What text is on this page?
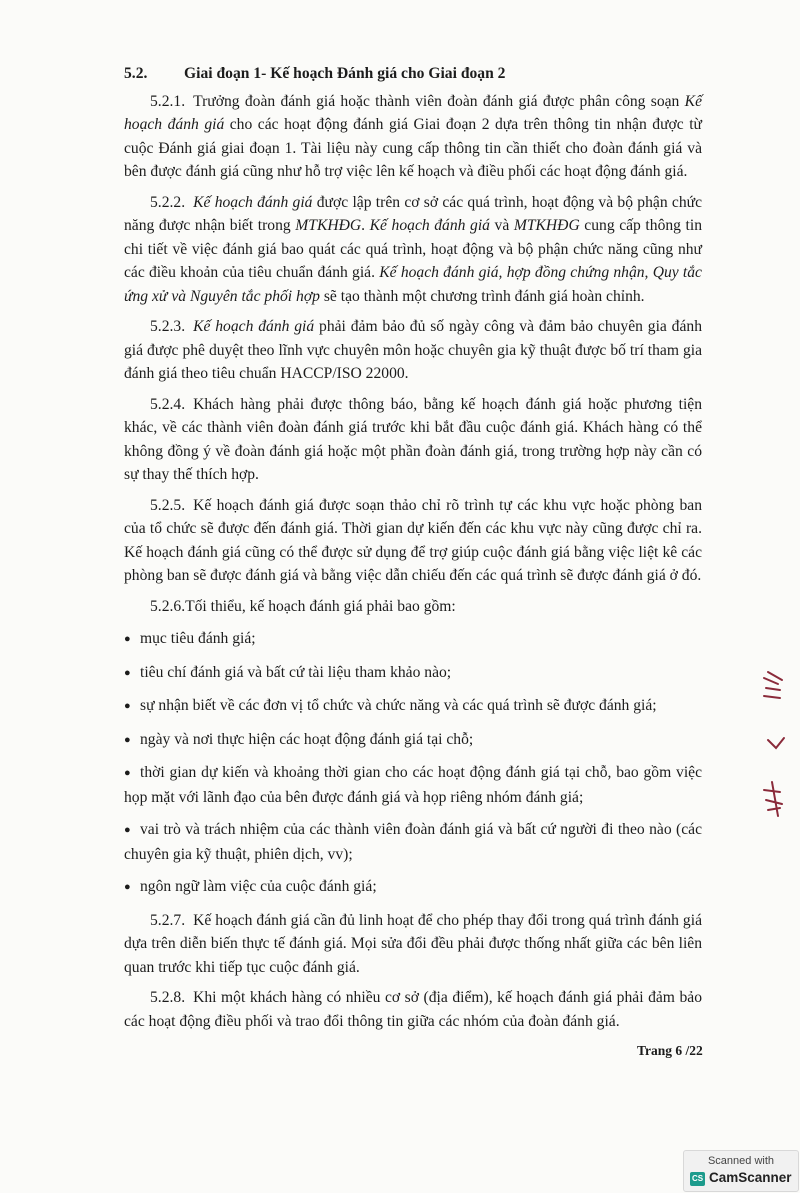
5.2.	Giai đoạn 1- Kế hoạch Đánh giá cho Giai đoạn 2

5.2.1. Trưởng đoàn đánh giá hoặc thành viên đoàn đánh giá được phân công soạn Kế hoạch đánh giá cho các hoạt động đánh giá Giai đoạn 2 dựa trên thông tin nhận được từ cuộc Đánh giá giai đoạn 1. Tài liệu này cung cấp thông tin cần thiết cho đoàn đánh giá và bên được đánh giá cũng như hỗ trợ việc lên kế hoạch và điều phối các hoạt động đánh giá.

5.2.2. Kế hoạch đánh giá được lập trên cơ sở các quá trình, hoạt động và bộ phận chức năng được nhận biết trong MTKHĐG. Kế hoạch đánh giá và MTKHĐG cung cấp thông tin chi tiết về việc đánh giá bao quát các quá trình, hoạt động và bộ phận chức năng cũng như các điều khoản của tiêu chuẩn đánh giá. Kế hoạch đánh giá, hợp đồng chứng nhận, Quy tắc ứng xử và Nguyên tắc phối hợp sẽ tạo thành một chương trình đánh giá hoàn chỉnh.

5.2.3. Kế hoạch đánh giá phải đảm bảo đủ số ngày công và đảm bảo chuyên gia đánh giá được phê duyệt theo lĩnh vực chuyên môn hoặc chuyên gia kỹ thuật được bố trí tham gia đánh giá theo tiêu chuẩn HACCP/ISO 22000.

5.2.4. Khách hàng phải được thông báo, bằng kế hoạch đánh giá hoặc phương tiện khác, về các thành viên đoàn đánh giá trước khi bắt đầu cuộc đánh giá. Khách hàng có thể không đồng ý về đoàn đánh giá hoặc một phần đoàn đánh giá, trong trường hợp này cần có sự thay thế thích hợp.

5.2.5. Kế hoạch đánh giá được soạn thảo chỉ rõ trình tự các khu vực hoặc phòng ban của tổ chức sẽ được đến đánh giá. Thời gian dự kiến đến các khu vực này cũng được chỉ ra. Kế hoạch đánh giá cũng có thể được sử dụng để trợ giúp cuộc đánh giá bằng việc liệt kê các phòng ban sẽ được đánh giá và bằng việc dẫn chiếu đến các quá trình sẽ được đánh giá ở đó.

5.2.6.Tối thiểu, kế hoạch đánh giá phải bao gồm:

● mục tiêu đánh giá;
● tiêu chí đánh giá và bất cứ tài liệu tham khảo nào;
● sự nhận biết về các đơn vị tổ chức và chức năng và các quá trình sẽ được đánh giá;
● ngày và nơi thực hiện các hoạt động đánh giá tại chỗ;
● thời gian dự kiến và khoảng thời gian cho các hoạt động đánh giá tại chỗ, bao gồm việc họp mặt với lãnh đạo của bên được đánh giá và họp riêng nhóm đánh giá;
● vai trò và trách nhiệm của các thành viên đoàn đánh giá và bất cứ người đi theo nào (các chuyên gia kỹ thuật, phiên dịch, vv);
● ngôn ngữ làm việc của cuộc đánh giá;

5.2.7. Kế hoạch đánh giá cần đủ linh hoạt để cho phép thay đổi trong quá trình đánh giá dựa trên diễn biến thực tế đánh giá. Mọi sửa đổi đều phải được thống nhất giữa các bên liên quan trước khi tiếp tục cuộc đánh giá.

5.2.8. Khi một khách hàng có nhiều cơ sở (địa điểm), kế hoạch đánh giá phải đảm bảo các hoạt động điều phối và trao đổi thông tin giữa các nhóm của đoàn đánh giá.

Trang 6 /22
Scanned with
CS CamScanner
